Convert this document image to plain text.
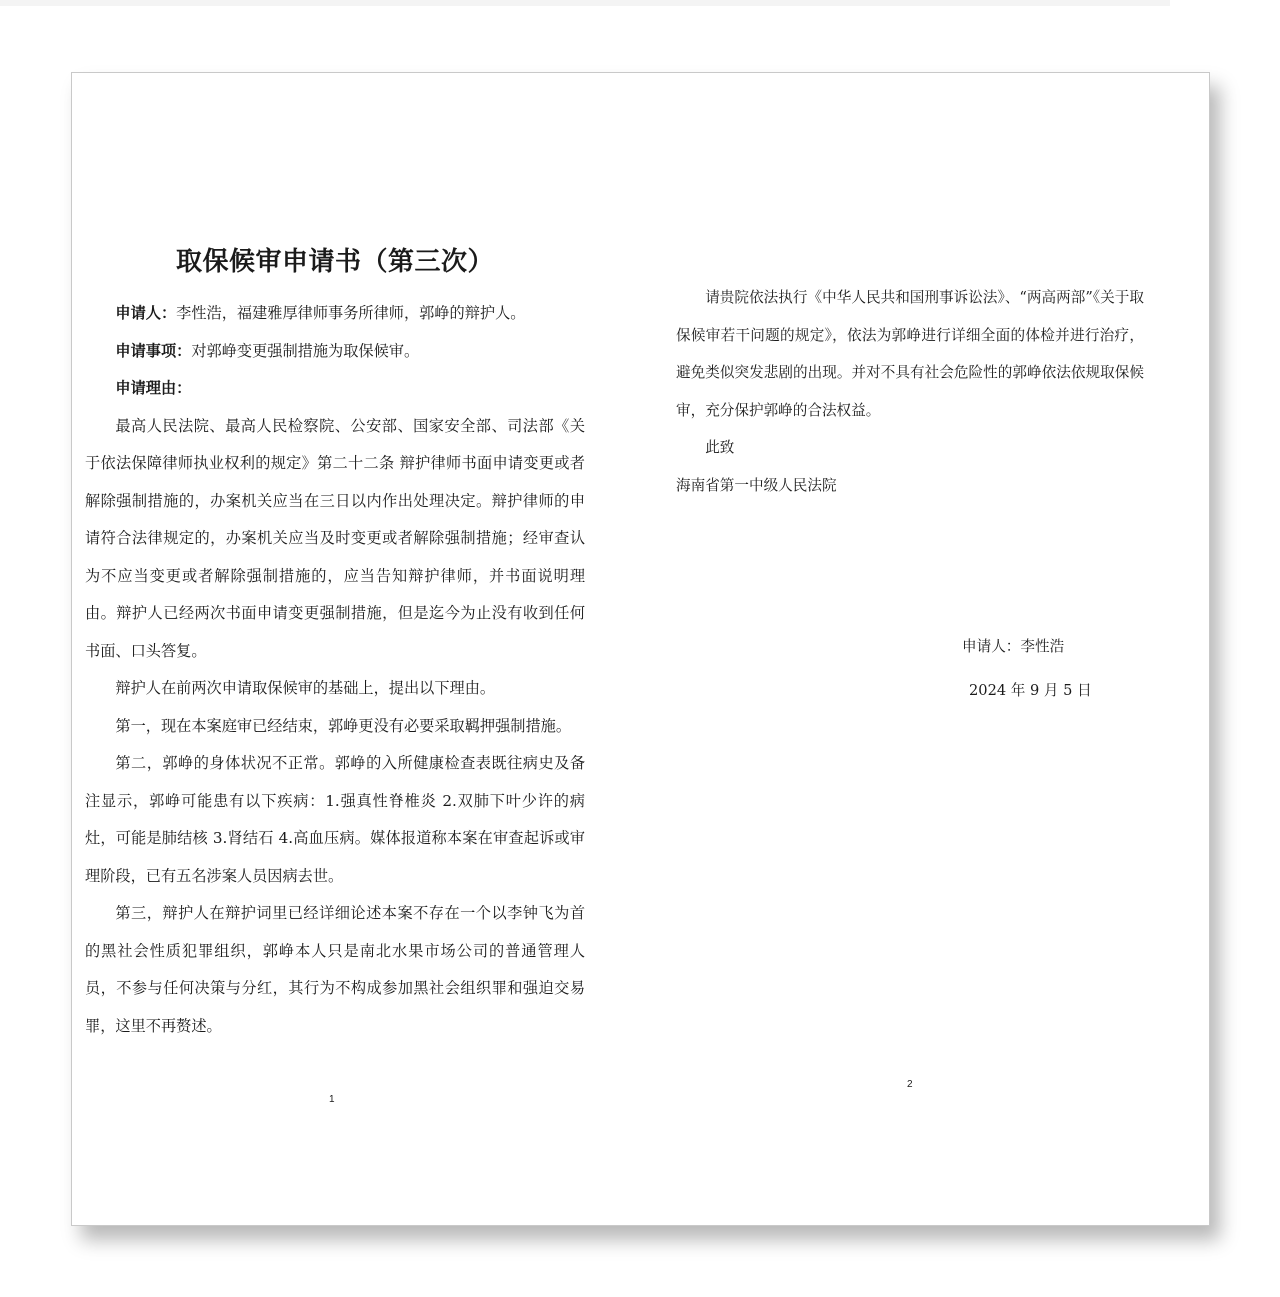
取保候审申请书（第三次）

申请人：李性浩，福建雅厚律师事务所律师，郭峥的辩护人。

申请事项：对郭峥变更强制措施为取保候审。

申请理由：

最高人民法院、最高人民检察院、公安部、国家安全部、司法部《关于依法保障律师执业权利的规定》第二十二条 辩护律师书面申请变更或者解除强制措施的，办案机关应当在三日以内作出处理决定。辩护律师的申请符合法律规定的，办案机关应当及时变更或者解除强制措施；经审查认为不应当变更或者解除强制措施的，应当告知辩护律师，并书面说明理由。辩护人已经两次书面申请变更强制措施，但是迄今为止没有收到任何书面、口头答复。

辩护人在前两次申请取保候审的基础上，提出以下理由。

第一，现在本案庭审已经结束，郭峥更没有必要采取羁押强制措施。

第二，郭峥的身体状况不正常。郭峥的入所健康检查表既往病史及备注显示，郭峥可能患有以下疾病：1.强真性脊椎炎 2.双肺下叶少许的病灶，可能是肺结核 3.肾结石 4.高血压病。媒体报道称本案在审查起诉或审理阶段，已有五名涉案人员因病去世。

第三，辩护人在辩护词里已经详细论述本案不存在一个以李钟飞为首的黑社会性质犯罪组织，郭峥本人只是南北水果市场公司的普通管理人员，不参与任何决策与分红，其行为不构成参加黑社会组织罪和强迫交易罪，这里不再赘述。

1

请贵院依法执行《中华人民共和国刑事诉讼法》、“两高两部”《关于取保候审若干问题的规定》，依法为郭峥进行详细全面的体检并进行治疗，避免类似突发悲剧的出现。并对不具有社会危险性的郭峥依法依规取保候审，充分保护郭峥的合法权益。

此致

海南省第一中级人民法院

申请人：李性浩
2024 年 9 月 5 日
2
